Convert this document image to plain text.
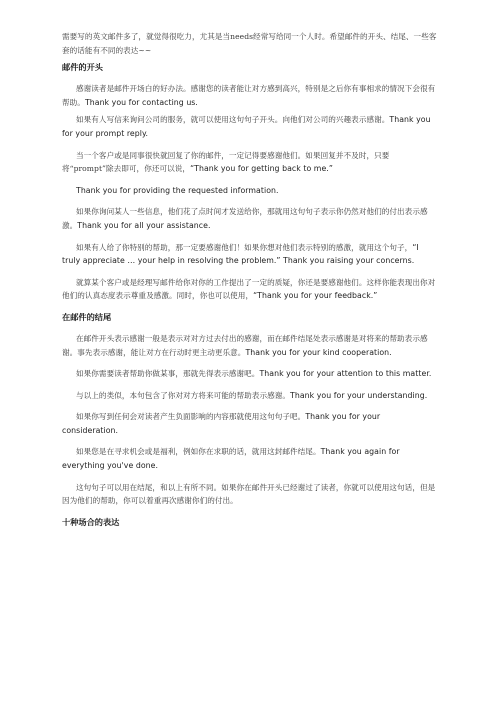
需要写的英文邮件多了，就觉得很吃力，尤其是当needs经常写给同一个人时。希望邮件的开头、结尾、一些客套的话能有不同的表达~~

邮件的开头

感谢读者是邮件开场白的好办法。感谢您的读者能让对方感到高兴，特别是之后你有事相求的情况下会很有帮助。Thank you for contacting us.

如果有人写信来询问公司的服务，就可以使用这句句子开头。向他们对公司的兴趣表示感谢。Thank you for your prompt reply.

当一个客户或是同事很快就回复了你的邮件，一定记得要感谢他们。如果回复并不及时，只要将“prompt”除去即可，你还可以说，“Thank you for getting back to me.”

Thank you for providing the requested information.

如果你询问某人一些信息，他们花了点时间才发送给你，那就用这句句子表示你仍然对他们的付出表示感激。Thank you for all your assistance.

如果有人给了你特别的帮助，那一定要感谢他们！如果你想对他们表示特别的感激，就用这个句子，“I truly appreciate … your help in resolving the problem.” Thank you raising your concerns.

就算某个客户或是经理写邮件给你对你的工作提出了一定的质疑，你还是要感谢他们。这样你能表现出你对他们的认真态度表示尊重及感激。同时，你也可以使用，“Thank you for your feedback.”

在邮件的结尾

在邮件开头表示感谢一般是表示对对方过去付出的感谢，而在邮件结尾处表示感谢是对将来的帮助表示感谢。事先表示感谢，能让对方在行动时更主动更乐意。Thank you for your kind cooperation.

如果你需要读者帮助你做某事，那就先得表示感谢吧。Thank you for your attention to this matter.

与以上的类似，本句包含了你对对方将来可能的帮助表示感谢。Thank you for your understanding.

如果你写到任何会对读者产生负面影响的内容那就使用这句句子吧。Thank you for your consideration.

如果您是在寻求机会或是福利，例如你在求职的话，就用这封邮件结尾。Thank you again for everything you've done.

这句句子可以用在结尾，和以上有所不同。如果你在邮件开头已经谢过了读者，你就可以使用这句话，但是因为他们的帮助，你可以着重再次感谢你们的付出。

十种场合的表达
